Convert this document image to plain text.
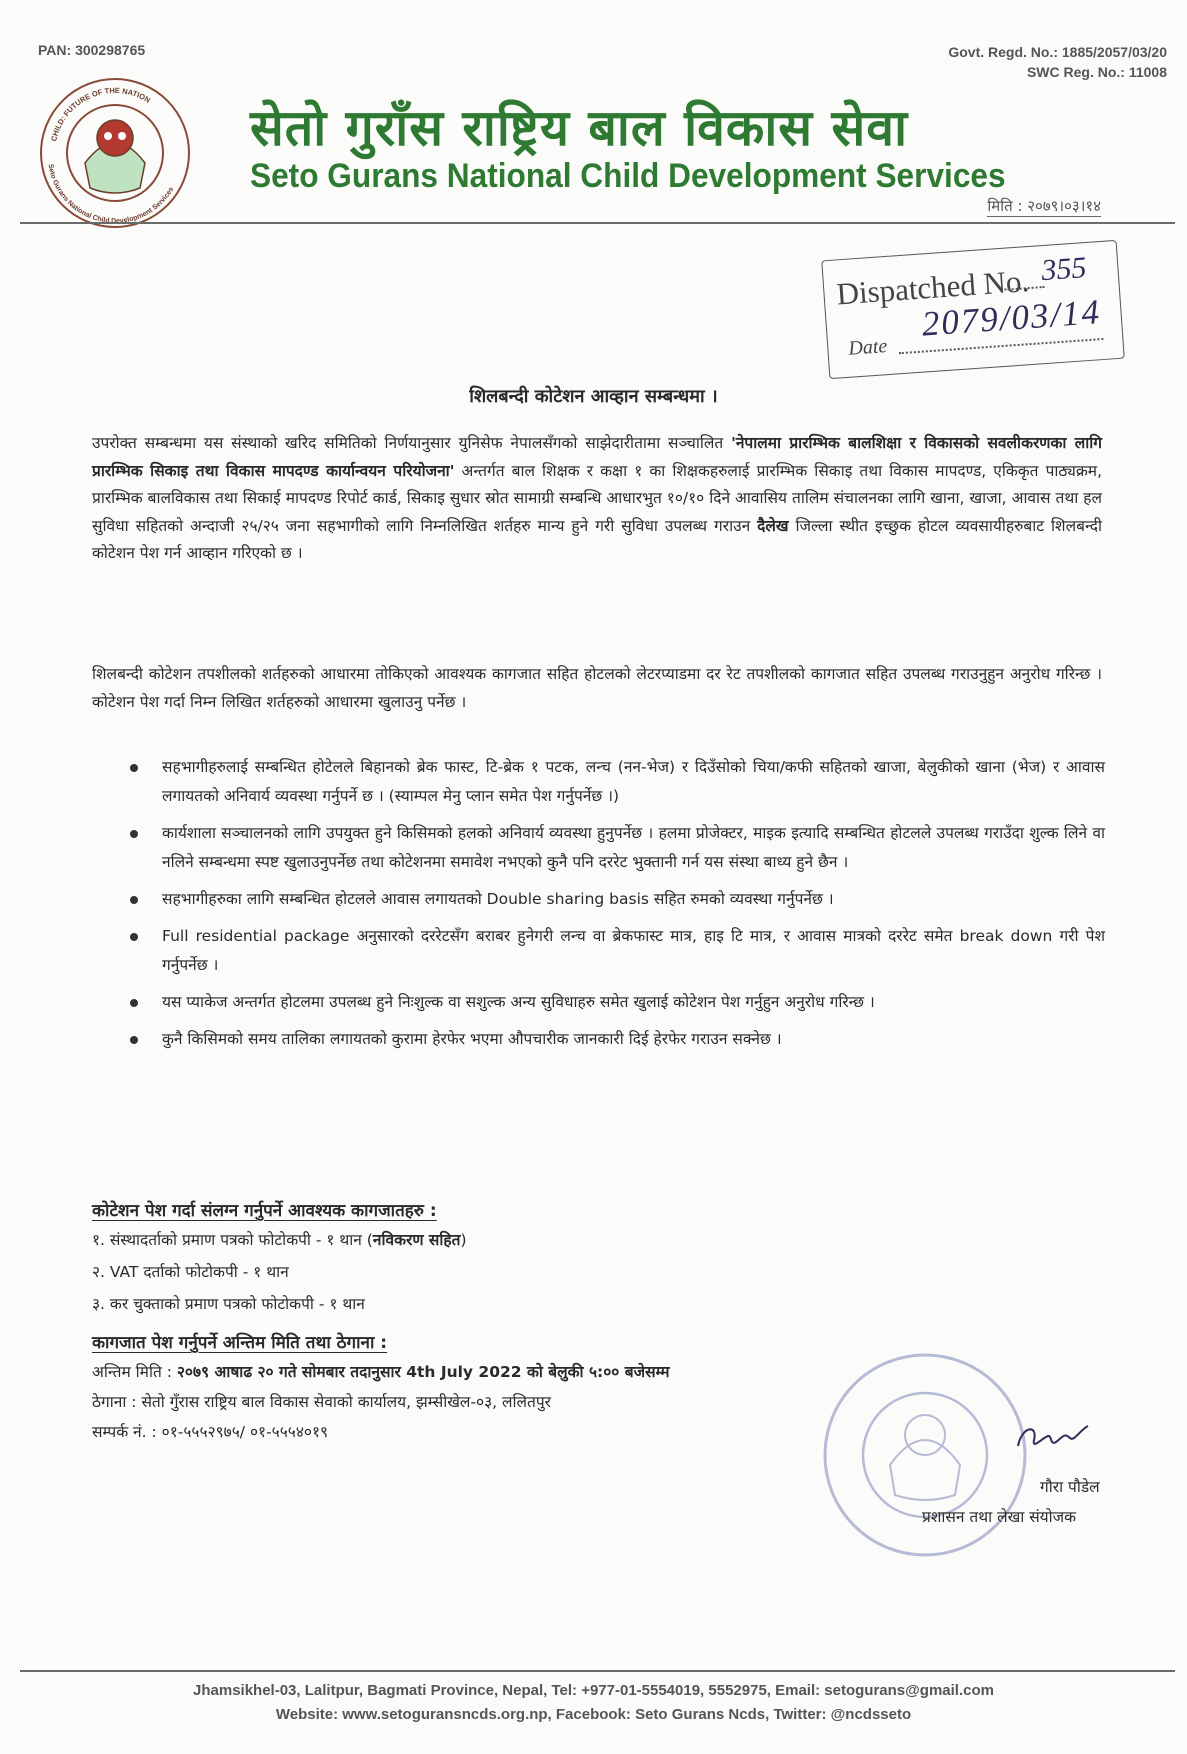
PAN: 300298765	Govt. Regd. No.: 1885/2057/03/20
SWC Reg. No.: 11008
CHILD: FUTURE OF THE NATION
Seto Gurans National Child Development Services
सेतो गुराँस राष्ट्रिय बाल विकास सेवा
Seto Gurans National Child Development Services
मिति : २०७९।०३।१४
Dispatched No. 355
Date
2079/03/14
शिलबन्दी कोटेशन आव्हान सम्बन्धमा ।
उपरोक्त सम्बन्धमा यस संस्थाको खरिद समितिको निर्णयानुसार युनिसेफ नेपालसँगको साझेदारीतामा सञ्चालित 'नेपालमा प्रारम्भिक बालशिक्षा र विकासको सवलीकरणका लागि प्रारम्भिक सिकाइ तथा विकास मापदण्ड कार्यान्वयन परियोजना' अन्तर्गत बाल शिक्षक र कक्षा १ का शिक्षकहरुलाई प्रारम्भिक सिकाइ तथा विकास मापदण्ड, एकिकृत पाठ्यक्रम, प्रारम्भिक बालविकास तथा सिकाई मापदण्ड रिपोर्ट कार्ड, सिकाइ सुधार स्रोत सामाग्री सम्बन्धि आधारभुत १०/१० दिने आवासिय तालिम संचालनका लागि खाना, खाजा, आवास तथा हल सुविधा सहितको अन्दाजी २५/२५ जना सहभागीको लागि निम्नलिखित शर्तहरु मान्य हुने गरी सुविधा उपलब्ध गराउन दैलेख जिल्ला स्थीत इच्छुक होटल व्यवसायीहरुबाट शिलबन्दी कोटेशन पेश गर्न आव्हान गरिएको छ ।
शिलबन्दी कोटेशन तपशीलको शर्तहरुको आधारमा तोकिएको आवश्यक कागजात सहित होटलको लेटरप्याडमा दर रेट तपशीलको कागजात सहित उपलब्ध गराउनुहुन अनुरोध गरिन्छ । कोटेशन पेश गर्दा निम्न लिखित शर्तहरुको आधारमा खुलाउनु पर्नेछ ।
सहभागीहरुलाई सम्बन्धित होटेलले बिहानको ब्रेक फास्ट, टि-ब्रेक १ पटक, लन्च (नन-भेज) र दिउँसोको चिया/कफी सहितको खाजा, बेलुकीको खाना (भेज) र आवास लगायतको अनिवार्य व्यवस्था गर्नुपर्ने छ । (स्याम्पल मेनु प्लान समेत पेश गर्नुपर्नेछ ।)
कार्यशाला सञ्चालनको लागि उपयुक्त हुने किसिमको हलको अनिवार्य व्यवस्था हुनुपर्नेछ । हलमा प्रोजेक्टर, माइक इत्यादि सम्बन्धित होटलले उपलब्ध गराउँदा शुल्क लिने वा नलिने सम्बन्धमा स्पष्ट खुलाउनुपर्नेछ तथा कोटेशनमा समावेश नभएको कुनै पनि दररेट भुक्तानी गर्न यस संस्था बाध्य हुने छैन ।
सहभागीहरुका लागि सम्बन्धित होटलले आवास लगायतको Double sharing basis सहित रुमको व्यवस्था गर्नुपर्नेछ ।
Full residential package अनुसारको दररेटसँग बराबर हुनेगरी लन्च वा ब्रेकफास्ट मात्र, हाइ टि मात्र, र आवास मात्रको दररेट समेत break down गरी पेश गर्नुपर्नेछ ।
यस प्याकेज अन्तर्गत होटलमा उपलब्ध हुने निःशुल्क वा सशुल्क अन्य सुविधाहरु समेत खुलाई कोटेशन पेश गर्नुहुन अनुरोध गरिन्छ ।
कुनै किसिमको समय तालिका लगायतको कुरामा हेरफेर भएमा औपचारीक जानकारी दिई हेरफेर गराउन सक्नेछ ।
कोटेशन पेश गर्दा संलग्न गर्नुपर्ने आवश्यक कागजातहरु :
१. संस्थादर्ताको प्रमाण पत्रको फोटोकपी - १ थान (नविकरण सहित)
२. VAT दर्ताको फोटोकपी - १ थान
३. कर चुक्ताको प्रमाण पत्रको फोटोकपी - १ थान
कागजात पेश गर्नुपर्ने अन्तिम मिति तथा ठेगाना :
अन्तिम मिति : २०७९ आषाढ २० गते सोमबार तदानुसार 4th July 2022 को बेलुकी ५:०० बजेसम्म
ठेगाना : सेतो गुँरास राष्ट्रिय बाल विकास सेवाको कार्यालय, झम्सीखेल-०३, ललितपुर
सम्पर्क नं. : ०१-५५५२९७५/ ०१-५५५४०१९
गौरा पौडेल
प्रशासन तथा लेखा संयोजक
Jhamsikhel-03, Lalitpur, Bagmati Province, Nepal, Tel: +977-01-5554019, 5552975, Email: setogurans@gmail.com
Website: www.setoguransncds.org.np, Facebook: Seto Gurans Ncds, Twitter: @ncdsseto
